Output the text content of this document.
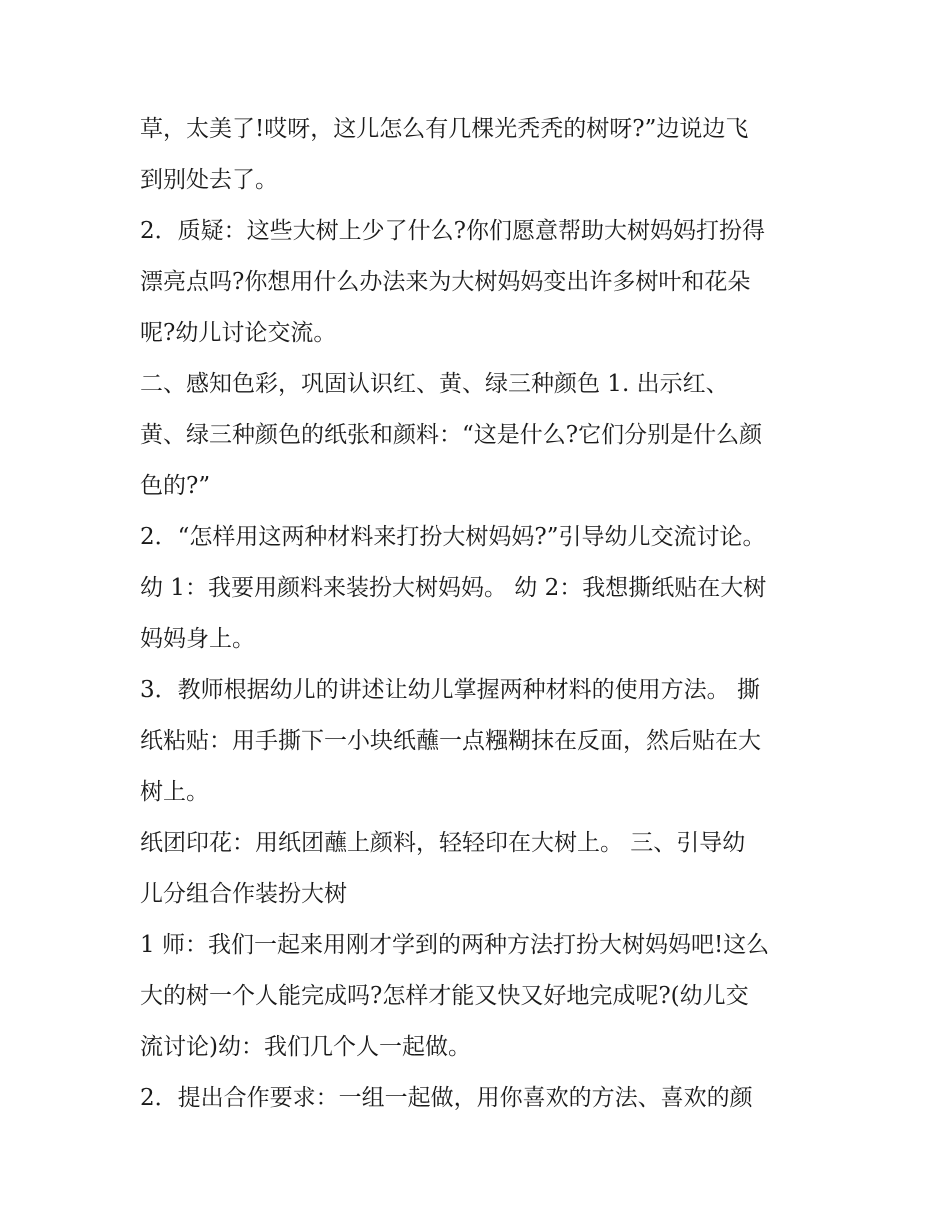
草，太美了!哎呀，这儿怎么有几棵光秃秃的树呀?”边说边飞
到别处去了。
2．质疑：这些大树上少了什么?你们愿意帮助大树妈妈打扮得
漂亮点吗?你想用什么办法来为大树妈妈变出许多树叶和花朵
呢?幼儿讨论交流。
二、感知色彩，巩固认识红、黄、绿三种颜色 1. 出示红、
黄、绿三种颜色的纸张和颜料：“这是什么?它们分别是什么颜
色的?”
2．“怎样用这两种材料来打扮大树妈妈?”引导幼儿交流讨论。
幼 1：我要用颜料来装扮大树妈妈。 幼 2：我想撕纸贴在大树
妈妈身上。
3．教师根据幼儿的讲述让幼儿掌握两种材料的使用方法。 撕
纸粘贴：用手撕下一小块纸蘸一点糨糊抹在反面，然后贴在大
树上。
纸团印花：用纸团蘸上颜料，轻轻印在大树上。 三、引导幼
儿分组合作装扮大树
1 师：我们一起来用刚才学到的两种方法打扮大树妈妈吧!这么
大的树一个人能完成吗?怎样才能又快又好地完成呢?(幼儿交
流讨论)幼：我们几个人一起做。
2．提出合作要求：一组一起做，用你喜欢的方法、喜欢的颜
